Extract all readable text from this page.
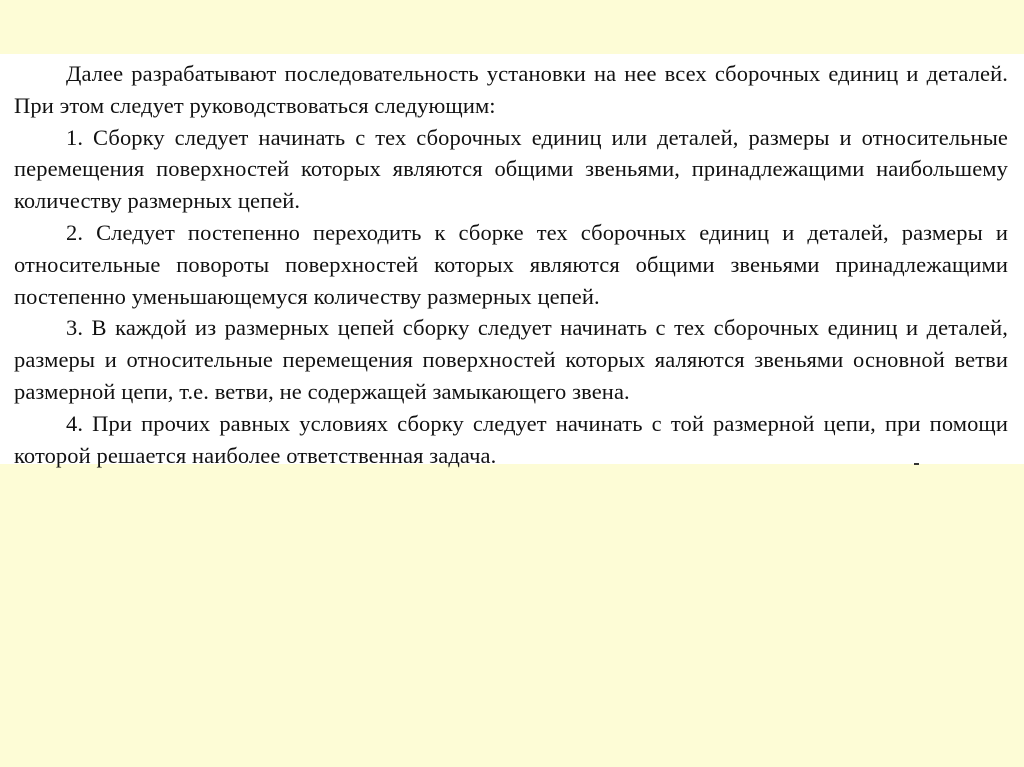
Далее разрабатывают последовательность установки на нее всех сборочных единиц и деталей. При этом следует руководствоваться следующим:

1. Сборку следует начинать с тех сборочных единиц или деталей, размеры и относительные перемещения поверхностей которых являются общими звеньями, принадлежащими наибольшему количеству размерных цепей.

2. Следует постепенно переходить к сборке тех сборочных единиц и деталей, размеры и относительные повороты поверхностей которых являются общими звеньями принадлежащими постепенно уменьшающемуся количеству размерных цепей.

3. В каждой из размерных цепей сборку следует начинать с тех сборочных единиц и деталей, размеры и относительные перемещения поверхностей которых яаляются звеньями основной ветви размерной цепи, т.е. ветви, не содержащей замыкающего звена.

4. При прочих равных условиях сборку следует начинать с той размерной цепи, при помощи которой решается наиболее ответственная задача.
